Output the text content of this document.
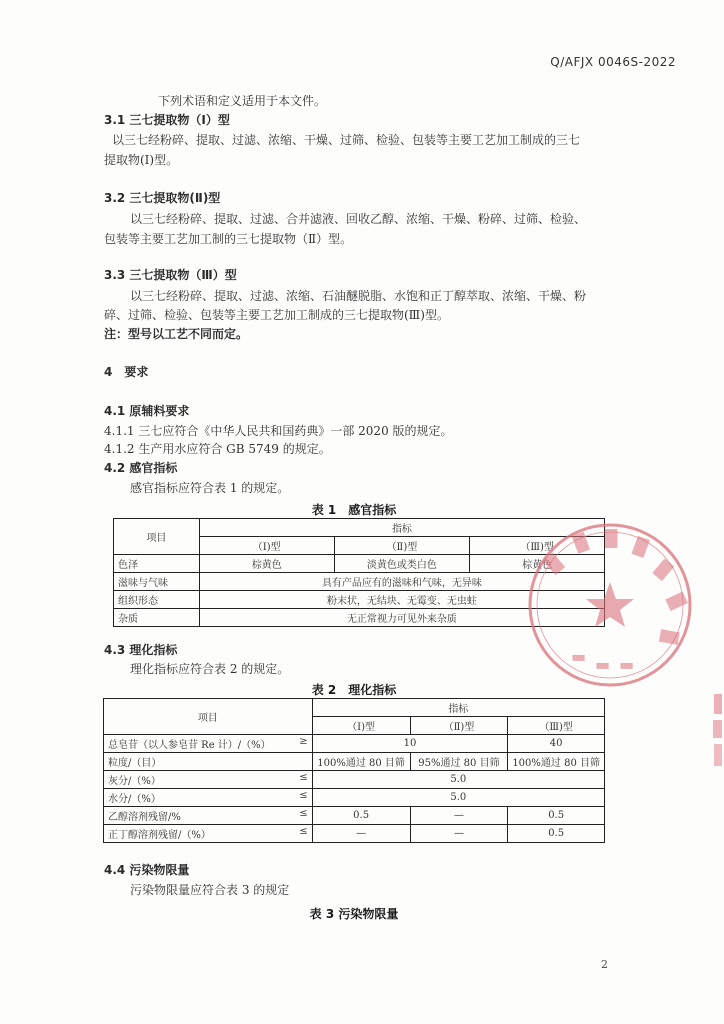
Q/AFJX 0046S-2022
下列术语和定义适用于本文件。
3.1 三七提取物（Ⅰ）型
以三七经粉碎、提取、过滤、浓缩、干燥、过筛、检验、包装等主要工艺加工制成的三七
提取物(Ⅰ)型。
3.2 三七提取物(Ⅱ)型
以三七经粉碎、提取、过滤、合并滤液、回收乙醇、浓缩、干燥、粉碎、过筛、检验、
包装等主要工艺加工制的三七提取物（Ⅱ）型。
3.3 三七提取物（Ⅲ）型
以三七经粉碎、提取、过滤、浓缩、石油醚脱脂、水饱和正丁醇萃取、浓缩、干燥、粉
碎、过筛、检验、包装等主要工艺加工制成的三七提取物(Ⅲ)型。
注：型号以工艺不同而定。
4　要求
4.1 原辅料要求
4.1.1 三七应符合《中华人民共和国药典》一部 2020 版的规定。
4.1.2 生产用水应符合 GB 5749 的规定。
4.2 感官指标
感官指标应符合表 1 的规定。
表 1　感官指标
项目	指标		
	（Ⅰ)型	（Ⅱ)型	（Ⅲ)型
色泽	棕黄色	淡黄色或类白色	棕黄色
滋味与气味	具有产品应有的滋味和气味，无异味		
组织形态	粉末状，无结块、无霉变、无虫蛀		
杂质	无正常视力可见外来杂质		
4.3 理化指标
理化指标应符合表 2 的规定。
表 2　理化指标
项目	指标		
	（Ⅰ)型	（Ⅱ)型	（Ⅲ)型
总皂苷（以人参皂苷 Re 计）/（%） ≥	10		40
粒度/（目）	100%通过 80 目筛	95%通过 80 目筛	100%通过 80 目筛
灰分/（%） ≤	5.0		
水分/（%） ≤	5.0		
乙醇溶剂残留/% ≤	0.5	—	0.5
正丁醇溶剂残留/（%） ≤	—	—	0.5
4.4 污染物限量
污染物限量应符合表 3 的规定
表 3 污染物限量
2
█
█ █ █
█
█
█
▬ ▬ ▬
